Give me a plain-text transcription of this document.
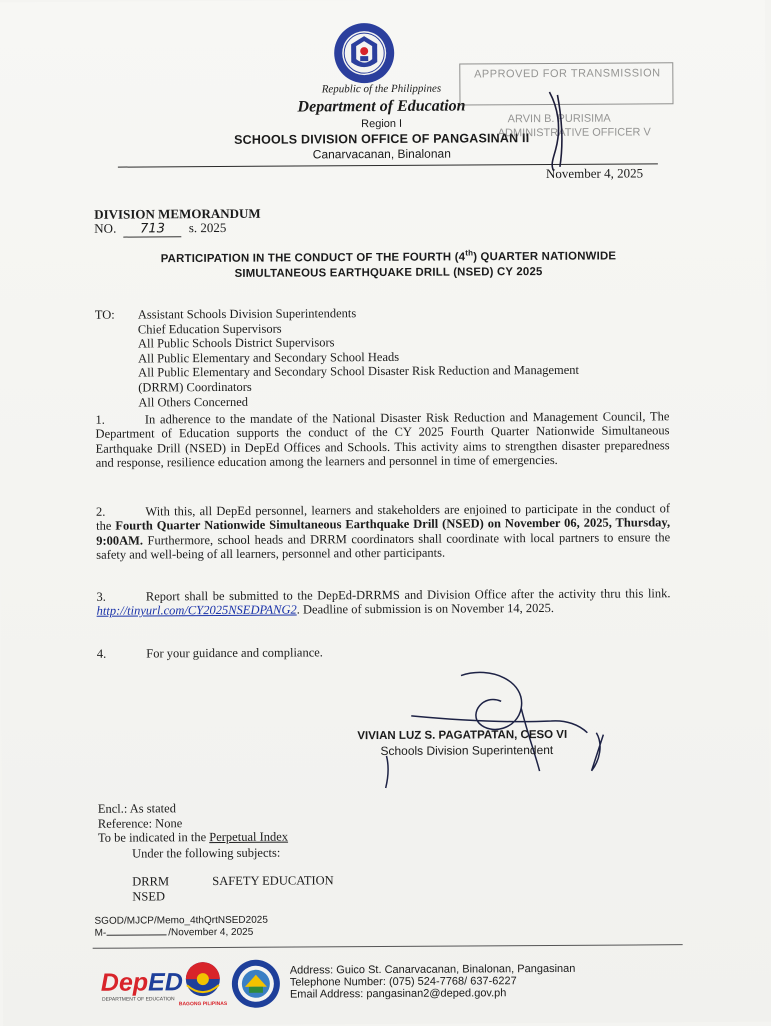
Republic of the Philippines
Department of Education
Region I
SCHOOLS DIVISION OFFICE OF PANGASINAN II
Canarvacanan, Binalonan
APPROVED FOR TRANSMISSION
ARVIN B. PURISIMA
ADMINISTRATIVE OFFICER V
November 4, 2025
DIVISION MEMORANDUM
NO. 713 s. 2025
PARTICIPATION IN THE CONDUCT OF THE FOURTH (4th) QUARTER NATIONWIDE
SIMULTANEOUS EARTHQUAKE DRILL (NSED) CY 2025
TO: Assistant Schools Division Superintendents
Chief Education Supervisors
All Public Schools District Supervisors
All Public Elementary and Secondary School Heads
All Public Elementary and Secondary School Disaster Risk Reduction and Management
(DRRM) Coordinators
All Others Concerned
1.	In adherence to the mandate of the National Disaster Risk Reduction and Management Council, The Department of Education supports the conduct of the CY 2025 Fourth Quarter Nationwide Simultaneous Earthquake Drill (NSED) in DepEd Offices and Schools. This activity aims to strengthen disaster preparedness and response, resilience education among the learners and personnel in time of emergencies.
2.	With this, all DepEd personnel, learners and stakeholders are enjoined to participate in the conduct of the Fourth Quarter Nationwide Simultaneous Earthquake Drill (NSED) on November 06, 2025, Thursday, 9:00AM. Furthermore, school heads and DRRM coordinators shall coordinate with local partners to ensure the safety and well-being of all learners, personnel and other participants.
3.	Report shall be submitted to the DepEd-DRRMS and Division Office after the activity thru this link. http://tinyurl.com/CY2025NSEDPANG2. Deadline of submission is on November 14, 2025.
4.	For your guidance and compliance.
VIVIAN LUZ S. PAGATPATAN, CESO VI
Schools Division Superintendent
Encl.: As stated
Reference: None
To be indicated in the Perpetual Index
Under the following subjects:
DRRM
NSED
SAFETY EDUCATION
SGOD/MJCP/Memo_4thQrtNSED2025
M-	/November 4, 2025
DepED
DEPARTMENT OF EDUCATION
BAGONG PILIPINAS
Address: Guico St. Canarvacanan, Binalonan, Pangasinan
Telephone Number: (075) 524-7768/ 637-6227
Email Address: pangasinan2@deped.gov.ph
